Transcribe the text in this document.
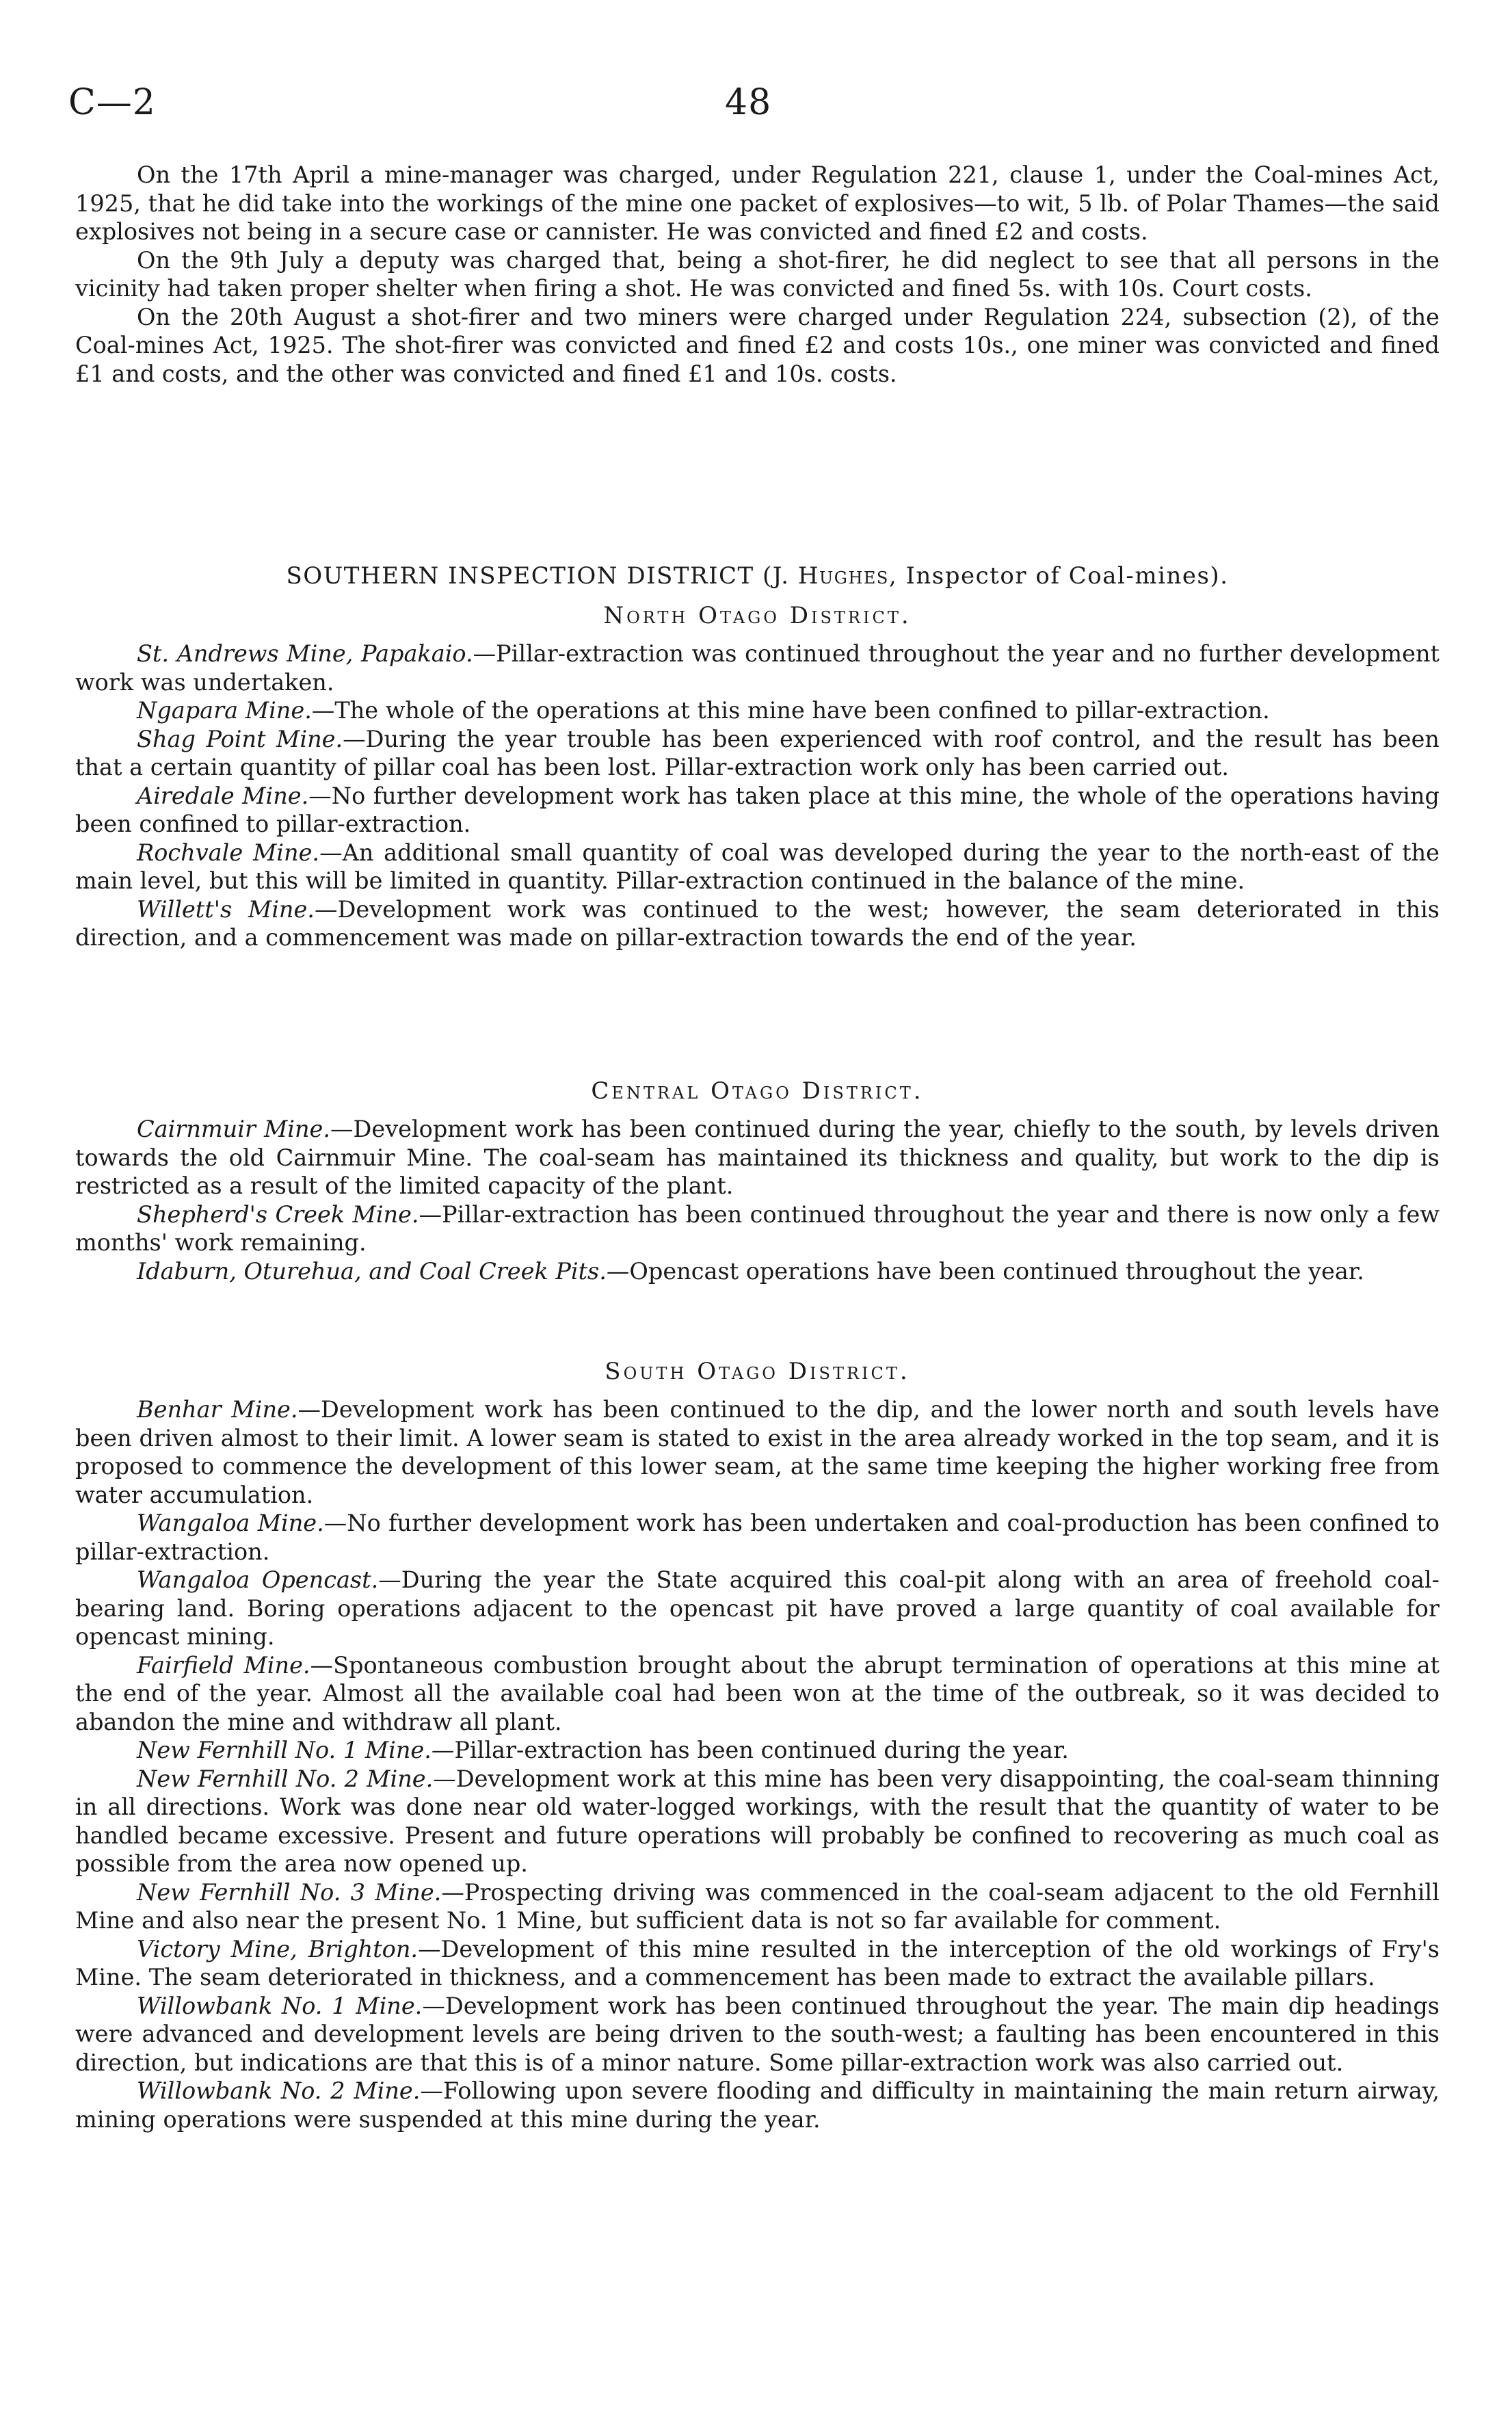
C—2	48

On the 17th April a mine-manager was charged, under Regulation 221, clause 1, under the Coal-mines Act, 1925, that he did take into the workings of the mine one packet of explosives—to wit, 5 lb. of Polar Thames—the said explosives not being in a secure case or cannister. He was convicted and fined £2 and costs.

On the 9th July a deputy was charged that, being a shot-firer, he did neglect to see that all persons in the vicinity had taken proper shelter when firing a shot. He was convicted and fined 5s. with 10s. Court costs.

On the 20th August a shot-firer and two miners were charged under Regulation 224, subsection (2), of the Coal-mines Act, 1925. The shot-firer was convicted and fined £2 and costs 10s., one miner was convicted and fined £1 and costs, and the other was convicted and fined £1 and 10s. costs.

SOUTHERN INSPECTION DISTRICT (J. Hughes, Inspector of Coal-mines).
North Otago District.

St. Andrews Mine, Papakaio.—Pillar-extraction was continued throughout the year and no further development work was undertaken.

Ngapara Mine.—The whole of the operations at this mine have been confined to pillar-extraction.

Shag Point Mine.—During the year trouble has been experienced with roof control, and the result has been that a certain quantity of pillar coal has been lost. Pillar-extraction work only has been carried out.

Airedale Mine.—No further development work has taken place at this mine, the whole of the operations having been confined to pillar-extraction.

Rochvale Mine.—An additional small quantity of coal was developed during the year to the north-east of the main level, but this will be limited in quantity. Pillar-extraction continued in the balance of the mine.

Willett's Mine.—Development work was continued to the west; however, the seam deteriorated in this direction, and a commencement was made on pillar-extraction towards the end of the year.

Central Otago District.

Cairnmuir Mine.—Development work has been continued during the year, chiefly to the south, by levels driven towards the old Cairnmuir Mine. The coal-seam has maintained its thickness and quality, but work to the dip is restricted as a result of the limited capacity of the plant.

Shepherd's Creek Mine.—Pillar-extraction has been continued throughout the year and there is now only a few months' work remaining.

Idaburn, Oturehua, and Coal Creek Pits.—Opencast operations have been continued throughout the year.

South Otago District.

Benhar Mine.—Development work has been continued to the dip, and the lower north and south levels have been driven almost to their limit. A lower seam is stated to exist in the area already worked in the top seam, and it is proposed to commence the development of this lower seam, at the same time keeping the higher working free from water accumulation.

Wangaloa Mine.—No further development work has been undertaken and coal-production has been confined to pillar-extraction.

Wangaloa Opencast.—During the year the State acquired this coal-pit along with an area of freehold coal-bearing land. Boring operations adjacent to the opencast pit have proved a large quantity of coal available for opencast mining.

Fairfield Mine.—Spontaneous combustion brought about the abrupt termination of operations at this mine at the end of the year. Almost all the available coal had been won at the time of the outbreak, so it was decided to abandon the mine and withdraw all plant.

New Fernhill No. 1 Mine.—Pillar-extraction has been continued during the year.

New Fernhill No. 2 Mine.—Development work at this mine has been very disappointing, the coal-seam thinning in all directions. Work was done near old water-logged workings, with the result that the quantity of water to be handled became excessive. Present and future operations will probably be confined to recovering as much coal as possible from the area now opened up.

New Fernhill No. 3 Mine.—Prospecting driving was commenced in the coal-seam adjacent to the old Fernhill Mine and also near the present No. 1 Mine, but sufficient data is not so far available for comment.

Victory Mine, Brighton.—Development of this mine resulted in the interception of the old workings of Fry's Mine. The seam deteriorated in thickness, and a commencement has been made to extract the available pillars.

Willowbank No. 1 Mine.—Development work has been continued throughout the year. The main dip headings were advanced and development levels are being driven to the south-west; a faulting has been encountered in this direction, but indications are that this is of a minor nature. Some pillar-extraction work was also carried out.

Willowbank No. 2 Mine.—Following upon severe flooding and difficulty in maintaining the main return airway, mining operations were suspended at this mine during the year.
